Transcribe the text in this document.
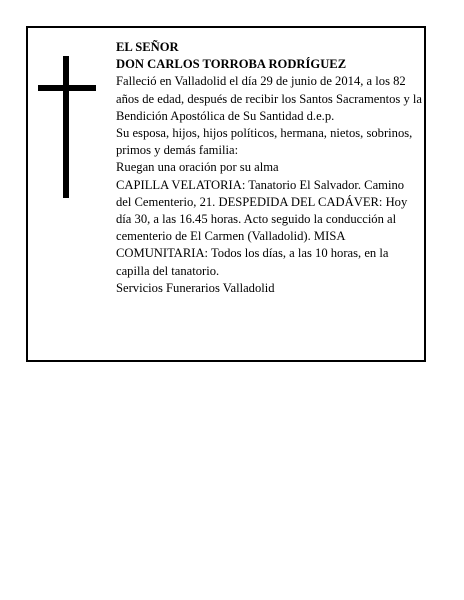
EL SEÑOR

DON CARLOS TORROBA RODRÍGUEZ

Falleció en Valladolid el día 29 de junio de 2014, a los 82 años de edad, después de recibir los Santos Sacramentos y la Bendición Apostólica de Su Santidad d.e.p.

Su esposa, hijos, hijos políticos, hermana, nietos, sobrinos, primos y demás familia:

Ruegan una oración por su alma

CAPILLA VELATORIA: Tanatorio El Salvador. Camino del Cementerio, 21. DESPEDIDA DEL CADÁVER: Hoy día 30, a las 16.45 horas. Acto seguido la conducción al cementerio de El Carmen (Valladolid). MISA COMUNITARIA: Todos los días, a las 10 horas, en la capilla del tanatorio.

Servicios Funerarios Valladolid
